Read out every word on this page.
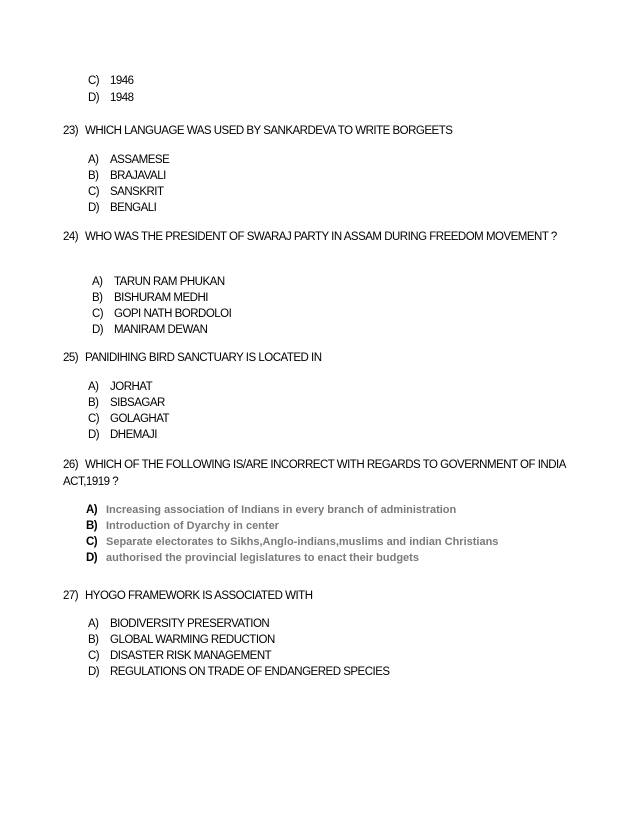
C) 1946
D) 1948
23) WHICH LANGUAGE WAS USED BY SANKARDEVA TO WRITE BORGEETS
A) ASSAMESE
B) BRAJAVALI
C) SANSKRIT
D) BENGALI
24) WHO WAS THE PRESIDENT OF SWARAJ PARTY IN ASSAM DURING FREEDOM MOVEMENT ?
A) TARUN RAM PHUKAN
B) BISHURAM MEDHI
C) GOPI NATH BORDOLOI
D) MANIRAM DEWAN
25) PANIDIHING BIRD SANCTUARY IS LOCATED IN
A) JORHAT
B) SIBSAGAR
C) GOLAGHAT
D) DHEMAJI
26) WHICH OF THE FOLLOWING IS/ARE INCORRECT WITH REGARDS TO GOVERNMENT OF INDIA ACT,1919 ?
A) Increasing association of Indians in every branch of administration
B) Introduction of Dyarchy in center
C) Separate electorates to Sikhs,Anglo-indians,muslims and indian Christians
D) authorised the provincial legislatures to enact their budgets
27) HYOGO FRAMEWORK IS ASSOCIATED WITH
A) BIODIVERSITY PRESERVATION
B) GLOBAL WARMING REDUCTION
C) DISASTER RISK MANAGEMENT
D) REGULATIONS ON TRADE OF ENDANGERED SPECIES
